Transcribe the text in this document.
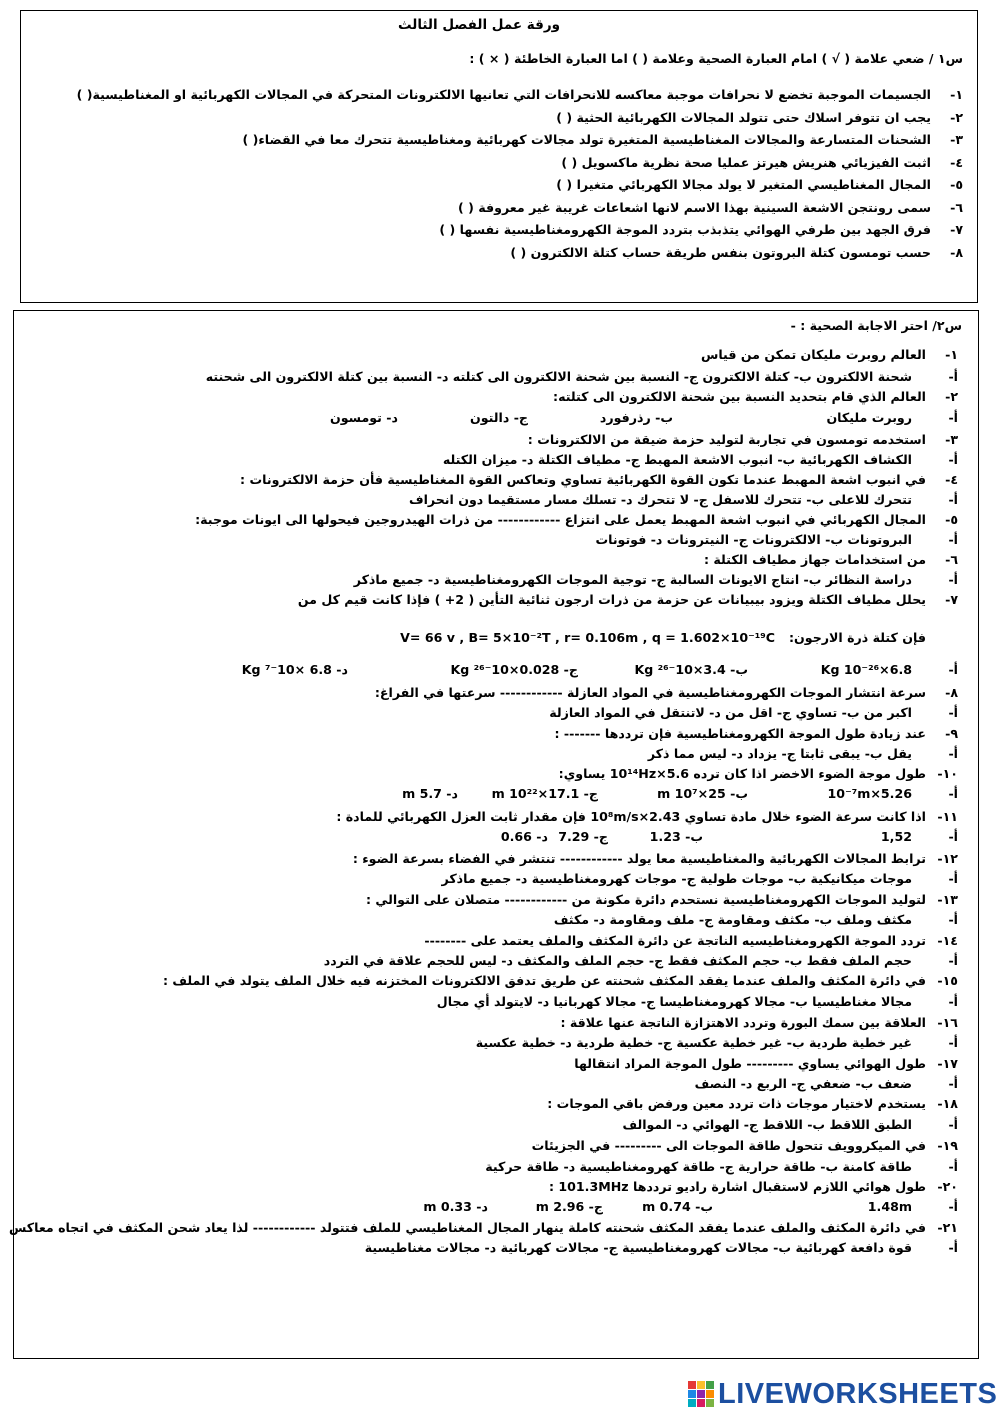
ورقة عمل الفصل الثالث
س١ / ضعي علامة ( √ ) امام العبارة الصحية وعلامة ( ) اما العبارة الخاطئة ( × ) :
١-الجسيمات الموجبة تخضع لا نحرافات موجبة معاكسه للانحرافات التي تعانيها الالكترونات المتحركة في المجالات الكهربائية او المغناطيسية( )
٢-يجب ان تتوفر اسلاك حتى تتولد المجالات الكهربائية الحثية ( )
٣-الشحنات المتسارعة والمجالات المغناطيسية المتغيرة تولد مجالات كهربائية ومغناطيسية تتحرك معا في القضاء( )
٤-اثبت الفيزيائي هنريش هيرتز عمليا صحة نظرية ماكسويل ( )
٥-المجال المغناطيسي المتغير لا يولد مجالا الكهربائي متغيرا ( )
٦-سمى رونتجن الاشعة السينية بهذا الاسم لانها اشعاعات غريبة غير معروفة ( )
٧-فرق الجهد بين طرفي الهوائي يتذبذب بتردد الموجة الكهرومغناطيسية نفسها ( )
٨-حسب تومسون كتلة البروتون بنفس طريقة حساب كتلة الالكترون ( )
س٢/ احتر الاجابة الصحية : -
١-العالم روبرت مليكان تمكن من قياس
أ-شحنة الالكترون ب- كتلة الالكترون ج- النسبة بين شحنة الالكترون الى كتلته د- النسبة بين كتلة الالكترون الى شحنته
٢-العالم الذي قام بتحديد النسبة بين شحنة الالكترون الى كتلته:
أ-روبرت مليكان
ب- رذرفورد
ج- دالتون
د- تومسون
٣-استخدمه تومسون في تجاربة لتوليد حزمة ضيقة من الالكترونات :
أ-الكشاف الكهربائية ب- انبوب الاشعة المهبط ج- مطياف الكتلة د- ميزان الكتله
٤-في انبوب اشعة المهبط عندما تكون القوة الكهربائية تساوي وتعاكس القوة المغناطيسية فأن حزمة الالكترونات :
أ-تتحرك للاعلى ب- تتحرك للاسفل ج- لا تتحرك د- تسلك مسار مستقيما دون انحراف
٥-المجال الكهربائي في انبوب اشعة المهبط يعمل على انتزاع ------------ من ذرات الهيدروجين فيحولها الى ايونات موجبة:
أ-البروتونات ب- الالكترونات ج- النيترونات د- فوتونات
٦-من استخدامات جهاز مطياف الكتلة :
أ-دراسة النظائر ب- انتاج الايونات السالبة ج- توجية الموجات الكهرومغناطيسية د- جميع ماذكر
٧-يحلل مطياف الكتلة ويزود بيبيانات عن حزمة من ذرات ارجون ثنائية التأين ( 2+ ) فإذا كانت قيم كل من
فإن كتلة ذرة الارجون:V= 66 v , B= 5×10⁻²T , r= 0.106m , q = 1.602×10⁻¹⁹C
أ-6.8×10⁻²⁶ Kg
ب- 3.4×10⁻²⁶ Kg
ج- 0.028×10⁻²⁶ Kg
د- 6.8 ×10⁻⁷ Kg
٨-سرعة انتشار الموجات الكهرومغناطيسية في المواد العازلة ------------ سرعتها في الفراغ:
أ-اكبر من ب- تساوي ج- اقل من د- لاتنتقل في المواد العازلة
٩-عند زيادة طول الموجة الكهرومغناطيسية فإن ترددها ------- :
أ-يقل ب- يبقى ثابتا ج- يزداد د- ليس مما ذكر
١٠-طول موجة الضوء الاخضر اذا كان ترده 5.6×10¹⁴Hz يساوي:
أ-5.26×10⁻⁷m
ب- 25×10⁷ m
ج- 17.1×10²² m
د- 5.7 m
١١-اذا كانت سرعة الضوء خلال مادة تساوي 2.43×10⁸m/s فإن مقدار ثابت العزل الكهربائي للمادة :
أ-1,52
ب- 1.23
ج- 7.29
د- 0.66
١٢-ترابط المجالات الكهربائية والمغناطيسية معا يولد ------------ تنتشر في الفضاء بسرعة الضوء :
أ-موجات ميكانيكية ب- موجات طولية ج- موجات كهرومغناطيسية د- جميع ماذكر
١٣-لتوليد الموجات الكهرومغناطيسية نستحدم دائرة مكونة من ------------ متصلان على التوالي :
أ-مكثف وملف ب- مكثف ومقاومة ج- ملف ومقاومة د- مكثف
١٤-تردد الموجة الكهرومغناطيسيه الناتجة عن دائرة المكثف والملف يعتمد على --------
أ-حجم الملف فقط ب- حجم المكثف فقط ج- حجم الملف والمكثف د- ليس للحجم علاقة في التردد
١٥-في دائرة المكثف والملف عندما يفقد المكثف شحنته عن طريق تدفق الالكترونات المختزنه فيه خلال الملف يتولد في الملف :
أ-مجالا مغناطيسيا ب- مجالا كهرومغناطيسا ج- مجالا كهربانيا د- لايتولد أي مجال
١٦-العلاقة بين سمك البورة وتردد الاهتزازة الناتجة عنها علاقة :
أ-غير خطية طردية ب- غير خطية عكسية ج- خطية طردية د- خطية عكسية
١٧-طول الهوائي يساوي --------- طول الموجة المراد انتقالها
أ-ضعف ب- ضعفي ج- الربع د- النصف
١٨-يستخدم لاختيار موجات ذات تردد معين ورفض باقي الموجات :
أ-الطبق اللاقط ب- اللاقط ج- الهوائي د- الموالف
١٩-في الميكروويف تتحول طاقة الموجات الى --------- في الجزيئات
أ-طاقة كامنة ب- طاقة حرارية ج- طاقة كهرومغناطيسية د- طاقة حركية
٢٠-طول هوائي اللازم لاستقبال اشارة راديو ترددها 101.3MHz :
أ-1.48m
ب- 0.74 m
ج- 2.96 m
د- 0.33 m
٢١-في دائرة المكثف والملف عندما يفقد المكثف شحنته كاملة ينهار المجال المغناطيسي للملف فتتولد ------------ لذا يعاد شحن المكثف في اتجاه معاكس
أ-قوة دافعة كهربائية ب- مجالات كهرومغناطيسية ج- مجالات كهربائية د- مجالات مغناطيسية
LIVEWORKSHEETS
